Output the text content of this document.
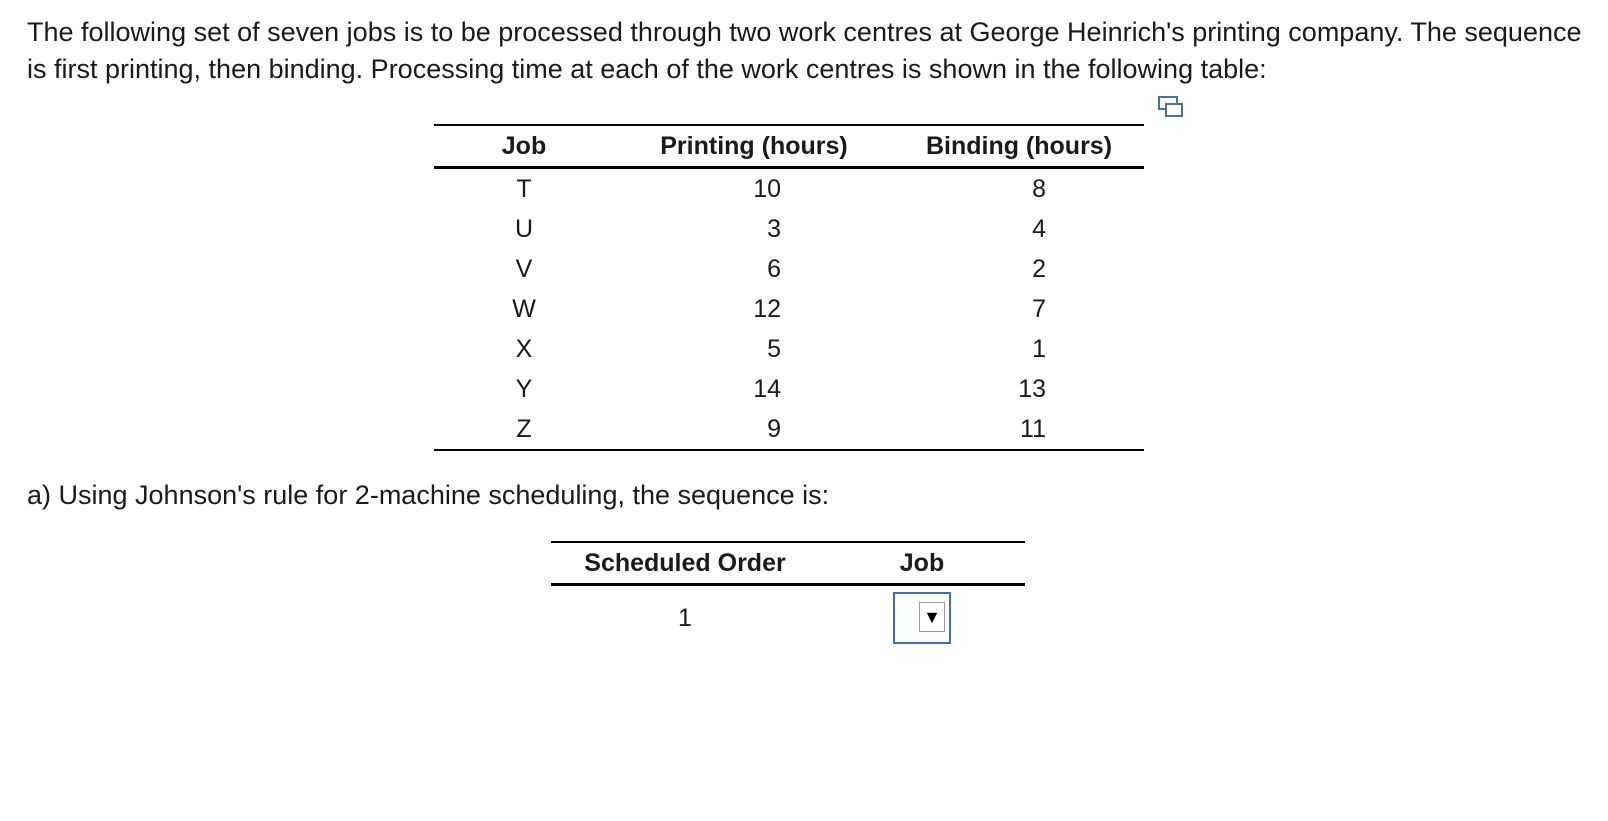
The following set of seven jobs is to be processed through two work centres at George Heinrich's printing company. The sequence is first printing, then binding. Processing time at each of the work centres is shown in the following table:

Job	Printing (hours)	Binding (hours)
T	10	8
U	3	4
V	6	2
W	12	7
X	5	1
Y	14	13
Z	9	11

a) Using Johnson's rule for 2-machine scheduling, the sequence is:

Scheduled Order	Job
1	▼
